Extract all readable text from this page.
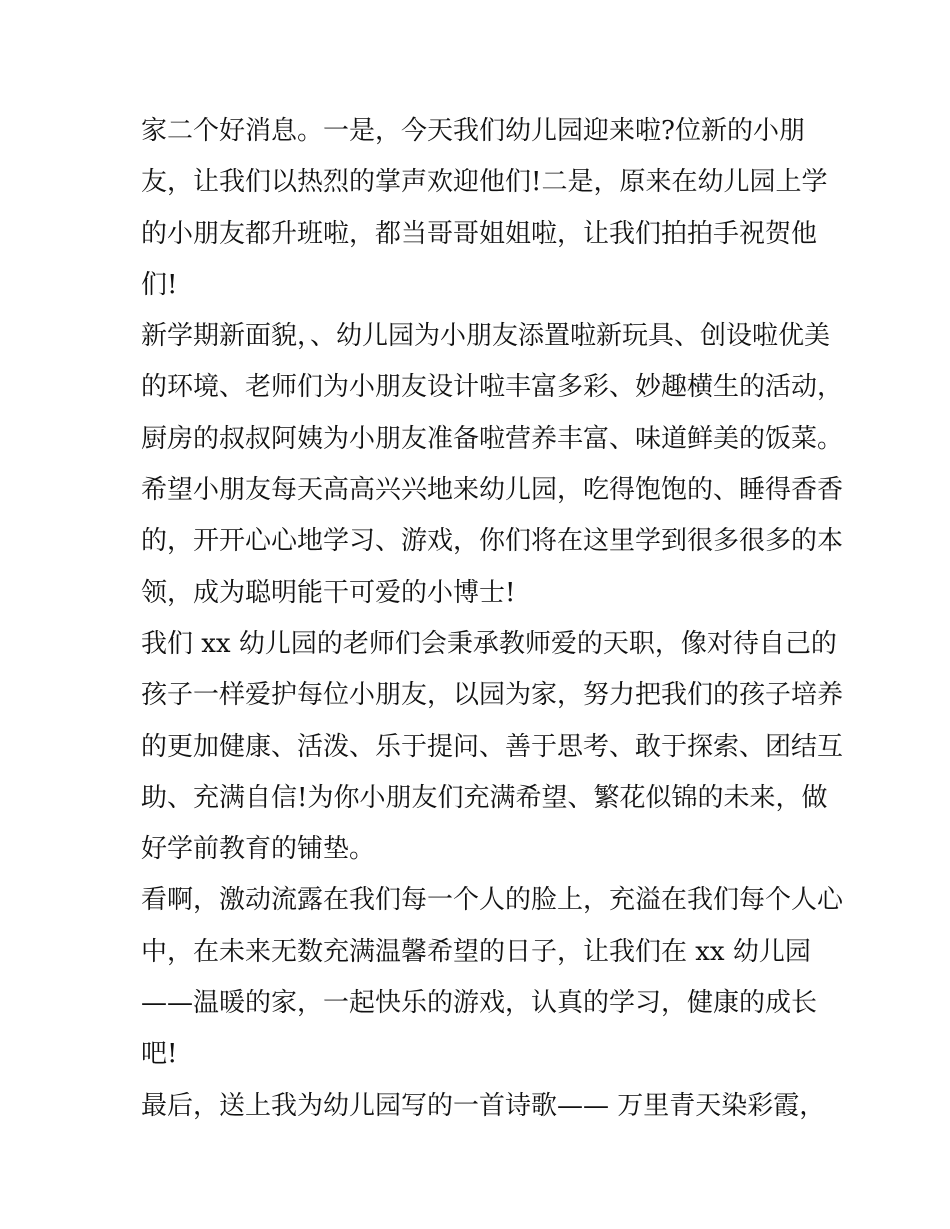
家二个好消息。一是，今天我们幼儿园迎来啦?位新的小朋
友，让我们以热烈的掌声欢迎他们!二是，原来在幼儿园上学
的小朋友都升班啦，都当哥哥姐姐啦，让我们拍拍手祝贺他
们!
新学期新面貌，、幼儿园为小朋友添置啦新玩具、创设啦优美
的环境、老师们为小朋友设计啦丰富多彩、妙趣横生的活动，
厨房的叔叔阿姨为小朋友准备啦营养丰富、味道鲜美的饭菜。
希望小朋友每天高高兴兴地来幼儿园，吃得饱饱的、睡得香香
的，开开心心地学习、游戏，你们将在这里学到很多很多的本
领，成为聪明能干可爱的小博士!
我们 xx 幼儿园的老师们会秉承教师爱的天职，像对待自己的
孩子一样爱护每位小朋友，以园为家，努力把我们的孩子培养
的更加健康、活泼、乐于提问、善于思考、敢于探索、团结互
助、充满自信!为你小朋友们充满希望、繁花似锦的未来，做
好学前教育的铺垫。
看啊，激动流露在我们每一个人的脸上，充溢在我们每个人心
中，在未来无数充满温馨希望的日子，让我们在 xx 幼儿园
——温暖的家，一起快乐的游戏，认真的学习，健康的成长
吧!
最后，送上我为幼儿园写的一首诗歌—— 万里青天染彩霞，
